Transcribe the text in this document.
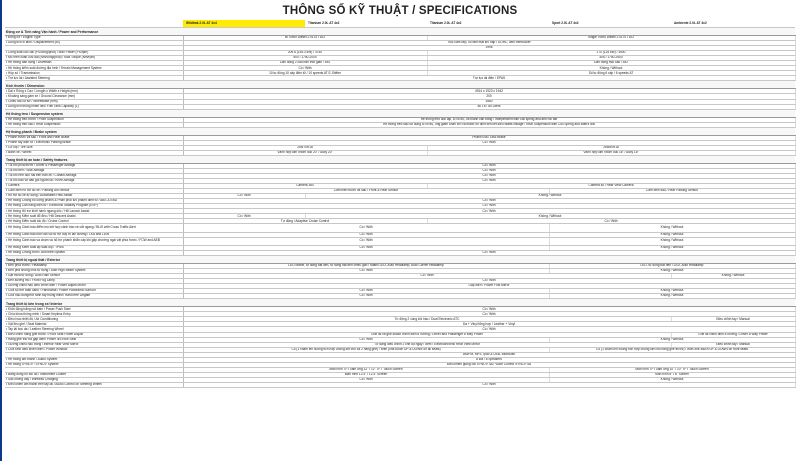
THÔNG SỐ KỸ THUẬT / SPECIFICATIONS
	Wildtrak 2.0L AT 4x4	Titanium 2.0L AT 4x2	Titanium 2.0L AT 4x2	Sport 2.0L AT 4x2	Ambiente 2.0L AT 4x2
Động cơ & Tính năng Vận hành / Power and Performance					
• Động cơ / Engine Type	Bi Turbo Diesel 2.0L i4 TDCi		Single Turbo Diesel 2.0L i4 TDCi		
• Dung tích xi lanh / Displacement (cc)	Trục cam kép, có tăm mát khí nạp / DOHC, with Intercooler				
	1996				
• Công suất cực đại (PS/vòng/phút) / Max Power (PS/rpm)	209.6 (154.3 kW) / 3750		170 (125 kW) / 3500		
• Mô men xoắn cực đại (Nm/vòng/phút) / Max Torque (Nm/rpm)	500 / 1750-2000		405 / 1750-2500		
• Hệ thống dẫn động / Drivetrain	Dẫn động 2 cầu bán thời gian / 4x4		Dẫn động một cầu / 4x2		
• Hệ thống kiểm soát đường địa hình / Terrain Management System	Có / With		Không / Without		
• Hộp số / Transmission	10 tự động 10 cấp điện tử / 10 speeds AT E-Shifter		Số tự động 6 cấp / 6 speeds AT		
• Trợ lực lái / Assisted Steering	Trợ lực lái điện / EPAS				
Kích thước / Dimension					
• Dài x Rộng x Cao / Length x Width x Height (mm)	4914 x 1923 x 1942				
• Khoảng sáng gầm xe / Ground Clearance (mm)	200				
• Chiều dài cơ sở / Wheelbase (mm)	3560				
• Dung tích thùng nhiên liệu/ Fuel Tank Capacity (L)	80 Lít / 80 Liters				
Hệ thống treo / Suspension system					
• Hệ thống treo trước / Front Suspension	Hệ thống treo độc lập, lò xo trụ, và thanh cân bằng / Independent with coil spring and anti roll bar				
• Hệ thống treo sau / Rear Suspension	Hệ thống treo sau sử dụng lò xo trụ, ống giảm chấn lớn và thanh ổn định liên kết kiểu Watts linkage / Rear Suspension with Coil Spring and Watt's link				
Hệ thống phanh / Brake system					
• Phanh trước và sau / Front and Rear Brake	Phanh Đĩa / Disc Brake				
• Phanh tay điện tử / Electronic Parking Brake	Có / With				
• Cỡ lốp / Tire Size	255/70R18		265/60R18		
• Bánh xe / Wheel	Vành hợp kim nhôm đúc 20" / Alloy 20"		Vành hợp kim nhôm đúc 18" / Alloy 18"		
Trang thiết bị an toàn / Safety features					
• Túi khí phía trước / Driver & Passenger Airbags	Có / With				
• Túi khí bên / Side Airbags	Có / With				
• Túi khí rèm dọc hai bên trần xe / Curtain Airbags	Có / With				
• Túi khí bảo vệ đầu gối người lái / Knee Airbags	Có / With				
• Camera	Camera 360		Camera lùi / Rear View Camera		
• Cảm biến hỗ trợ đỗ xe / Parking Aid Sensor	Cảm biến trước và sau / Front & Rear Sensor			Cảm biến sau / Rear Parking Sensor	
• Hỗ trợ đỗ xe tự động / Automated Park Assist	Có / With	Không / Without			
• Hệ thống Chống bó cứng phanh & Phân phối lực phanh điện tử / ABS & EBD	Có / With				
• Hệ thống Cân bằng điện tử / Electronic Stability Program (ESP)	Có / With				
• Hệ thống Hỗ trợ khởi hành ngang dốc / Hill Launch Assist	Có / With				
• Hệ thống Kiểm soát đổ đèo / Hill Descent Assist	Có / With	Không / Without			
• Hệ thống Kiểm soát tốc độ / Cruise Control	Tự động / Adaptive Cruise Control		Có / With		
• Hệ thống Cảnh báo điểm mù kết hợp cảnh báo xe cắt ngang / BLIS with Cross Traffic Alert	Có / With			Không / Without	
• Hệ thống Cảnh báo lệch làn và hỗ trợ duy trì làn đường / LKA and LDW	Có / With			Không / Without	
• Hệ thống Cảnh báo va chạm và hỗ trợ phanh khẩn cấp khi gặp chướng ngại vật phía trước / FCW and AEB	Có / With			Không / Without	
• Hệ thống Kiểm soát áp suất lốp / TPMS	Có / With			Không / Without	
• Hệ thống Chống trộm / Anti theft System	Có / With				
Trang thiết bị ngoại thất / Exterior					
• Đèn phía trước / Headlamp	LED Matrix, tự động bật đèn, tự động bật đèn chiếu gần / Matrix LED, Auto Headlamp, Auto Corner Headlamp			LED, tự động bật đèn / LED, Auto Headlamp	
• Đèn pha chống chói tự động / Auto High Beam System	Có / With			Không / Without	
• Gạt mưa tự động / Auto Rain Sensor	Có / With				Không / Without
• Đèn sương mù / Front Fog Lamp	Có / With				
• Gương chiếu hậu điều chỉnh điện / Power Adjust Mirror	Gập điện / Power Fold Mirror				
• Cửa sổ trời toàn cảnh / Panorama / Power Panorama Sunroof	Có / With			Không / Without	
• Cửa hậu đóng/mở rảnh tay thông minh/ Hand free Liftgate	Có / With			Không / Without	
Trang thiết bị bên trong xe/ Interior					
• Khởi động bằng nút bấm / Power Push Start	Có / With				
• Chìa khóa thông minh / Smart Keyless Entry	Có / With				
• Điều hoà nhiệt độ / Air Conditioning	Tự động 2 vùng khí hậu / Dual Electronic ATC				Điều chỉnh tay / Manual
• Vật liệu ghế / Seat Material	Da + Vinyl tổng hợp / Leather + Vinyl				
• Tay lái bọc da / Leather Steering Wheel	Có / With				
• Điều chỉnh hàng ghế trước / Front Seat Power Adjust	Ghế lái và ghế khách chỉnh điện 8 hướng / Driver and Passenger 8 Way Power				Ghế lái chỉnh điện 8 hướng / Driver 8 Way Power
• Hàng ghế thứ ba gập điện/ Power 3rd Row Seat	Có / With			Không / Without	
• Gương chiếu hậu trong / Interior Rear View Mirror	Tự động điều chỉnh 2 chế độ ngày / đêm / Electrochromic Rear View Mirror				Điều chỉnh tay / Manual
• Cửa kính điều khiển điện / Power Window	Có (1 chạm lên xuống tích hợp chống kẹt cho cả 2 hàng ghế) / With (one-touch UP & DOWN on all seats)			Có (1 chạm lên xuống tích hợp chống kẹt cho hàng ghế trước) / With one-touch UP & DOWN on front seats	
	AM/FM, MP3, Ipod & USB, Bluetooth				
• Hệ thống âm thanh / Audio System	8 loa / 8 Speakers				
• Hệ thống SYNC® / SYNC® System	Điều khiển giọng nói SYNC® 4A / Voice Control SYNC® 4A				
	Màn hình TFT cảm ứng 12" / 12" TFT Touch Screen			Màn hình TFT cảm ứng 10" / 10" TFT Touch Screen	
• Bảng đồng hồ tốc độ / Instrument Cluster	Màn hình 12.4" / 12.4" Screen			Màn hình 8" / 8" Screen	
• Sạc không dây / Wireless Charging	Có / With			Không / Without	
• Điều khiển âm thanh trên tay lái / Audio Control on Steering Wheel	Có / With				
